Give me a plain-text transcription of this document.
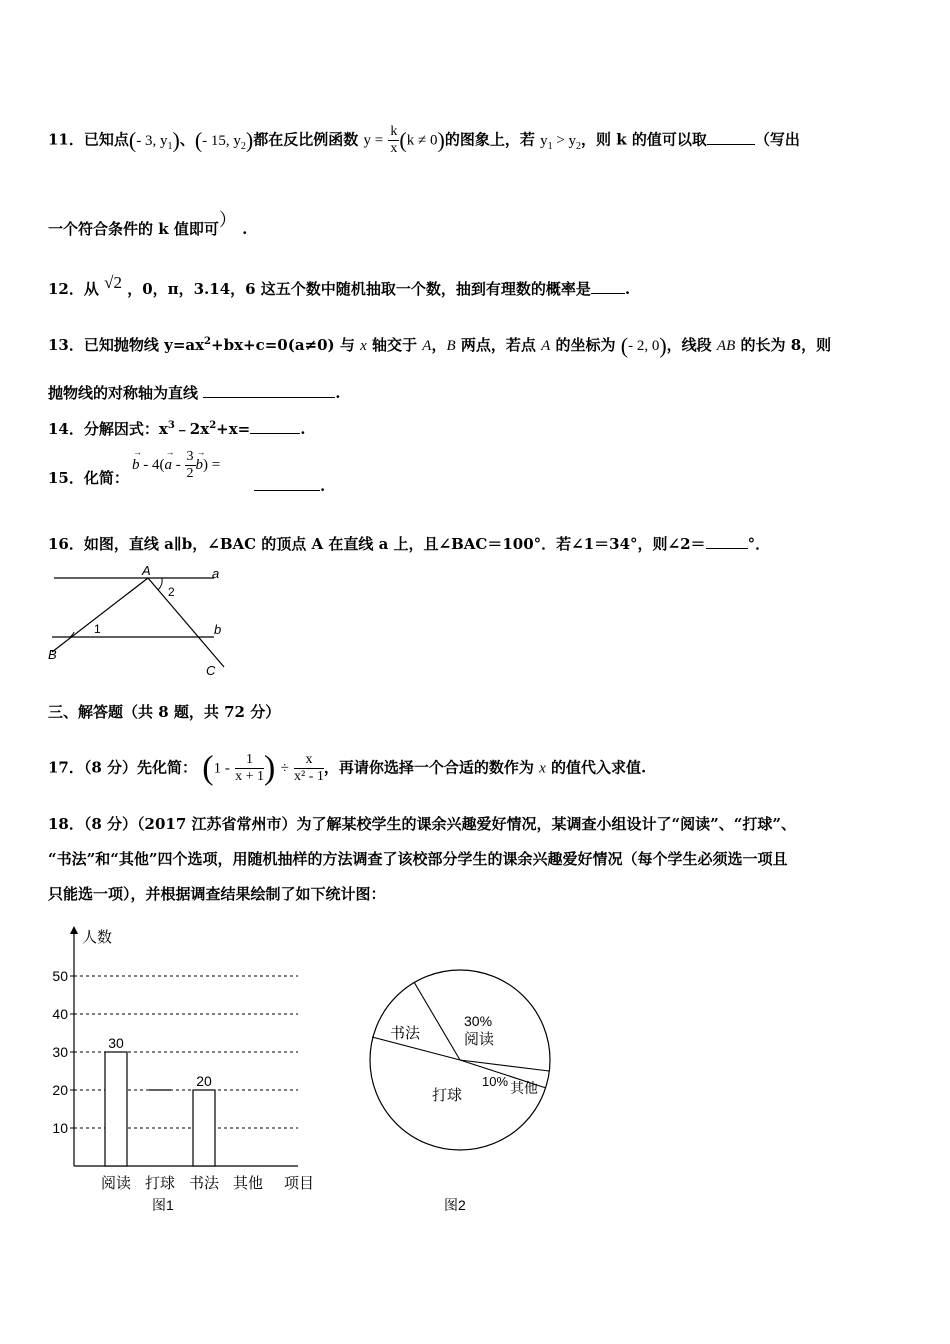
11．已知点(- 3, $y_1$)、(- 15, $y_2$)都在反比例函数 $y = \frac{k}{x} (k \ne 0)$的图象上，若 $y_1 > y_2$，则 k 的值可以取	（写出
一个符合条件的 k 值即可） .
12．从 √2 ，0，π，3.14，6 这五个数中随机抽取一个数，抽到有理数的概率是 .
13．已知抛物线 $y=ax^2+bx+c=0(a\ne 0)$ 与 x 轴交于 A，B 两点，若点 A 的坐标为 (- 2, 0)，线段 AB 的长为 8，则
抛物线的对称轴为直线	.
14．分解因式：$x^3﹣2x^2+x=$	.
15．化简：
→
b - 4(
→
a - $\frac{3}{2}$ →
b) =
.
16．如图，直线 a∥b，∠BAC 的顶点 A 在直线 a 上，且∠BAC＝100°．若∠1＝34°，则∠2＝	°．
A	a
b
B
C
1
2
三、解答题（共 8 题，共 72 分）
17．（8 分）先化简： ($1 - \frac{1}{x + 1}$ ) ÷ $\frac{x}{\text{x² - 1}}$ ，再请你选择一个合适的数作为 x 的值代入求值.
18．（8 分）（2017 江苏省常州市）为了解某校学生的课余兴趣爱好情况，某调查小组设计了“阅读”、“打球”、
“书法”和“其他”四个选项，用随机抽样的方法调查了该校部分学生的课余兴趣爱好情况（每个学生必须选一项且
只能选一项），并根据调查结果绘制了如下统计图：
人数
项目
10
20
30
40
50
30
20
阅读 打球 书法 其他
图1
书法
30%
阅读
打球
10% 其他
图2
